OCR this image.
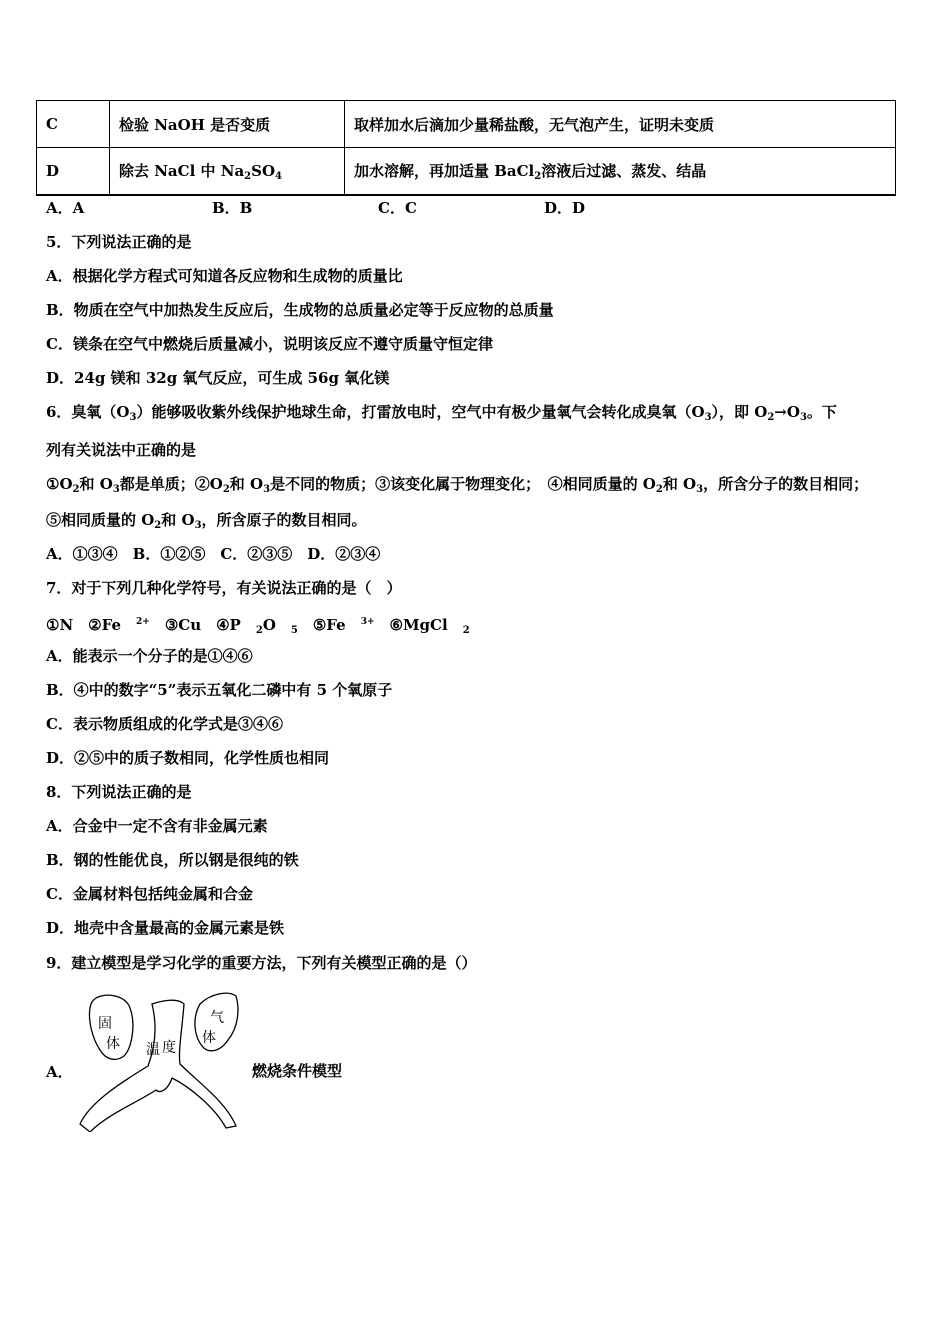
C	检验 NaOH 是否变质	取样加水后滴加少量稀盐酸，无气泡产生，证明未变质
D	除去 NaCl 中 $Na_2SO_4$	加水溶解，再加适量 BaCl$_2$溶液后过滤、蒸发、结晶
A．A	B．B	C．C	D．D
5．下列说法正确的是
A．根据化学方程式可知道各反应物和生成物的质量比
B．物质在空气中加热发生反应后，生成物的总质量必定等于反应物的总质量
C．镁条在空气中燃烧后质量减小，说明该反应不遵守质量守恒定律
D．24g 镁和 32g 氧气反应，可生成 56g 氧化镁
6．臭氧$(O_3)$能够吸收紫外线保护地球生命，打雷放电时，空气中有极少量氧气会转化成臭氧$(O_3)$，即 $O_2\to O_3$。下
列有关说法中正确的是
$①O_2$和 $O_3$都是单质；$②O_2$和 $O_3$是不同的物质；③该变化属于物理变化；　④相同质量的 $O_2$和 $O_3$，所含分子的数目相同；
⑤相同质量的 $O_2$和 $O_3$，所含原子的数目相同。
A．①③④　B．①②⑤　C．②③⑤　D．②③④
7．对于下列几种化学符号，有关说法正确的是（　）
①N ②Fe $^{2+}$ ③Cu ④P $_2$O $_5$ ⑤Fe $^{3+}$ ⑥MgCl $_2$
A．能表示一个分子的是①④⑥
B．④中的数字“5”表示五氧化二磷中有 5 个氧原子
C．表示物质组成的化学式是③④⑥
D．②⑤中的质子数相同，化学性质也相同
8．下列说法正确的是
A．合金中一定不含有非金属元素
B．钢的性能优良，所以钢是很纯的铁
C．金属材料包括纯金属和合金
D．地壳中含量最高的金属元素是铁
9．建立模型是学习化学的重要方法，下列有关模型正确的是（）
A．	燃烧条件模型
固
体
气
体
温 度
